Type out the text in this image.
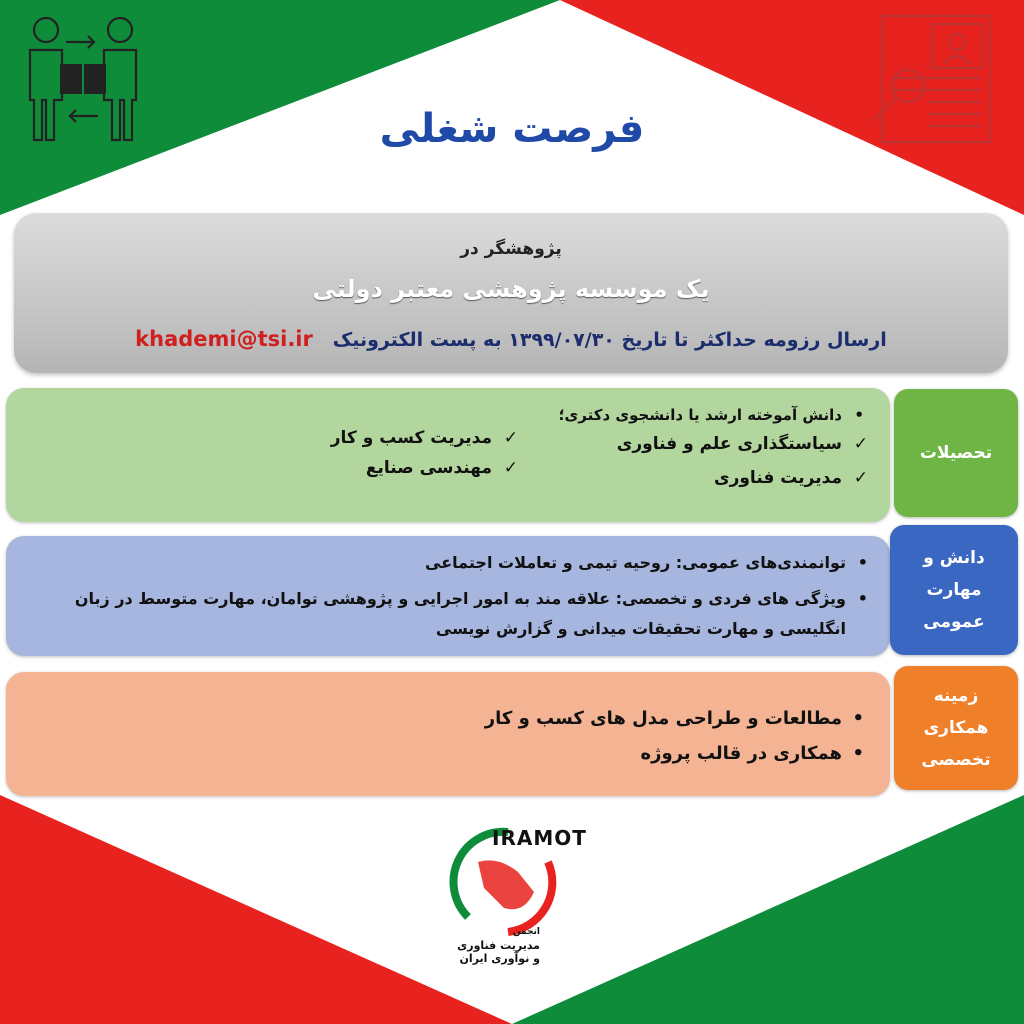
فرصت شغلی
پژوهشگر در
یک موسسه پژوهشی معتبر دولتی
ارسال رزومه حداکثر تا تاریخ ۱۳۹۹/۰۷/۳۰ به پست الکترونیک   khademi@tsi.ir
• دانش آموخته ارشد یا دانشجوی دکتری؛
✓ سیاستگذاری علم و فناوری
✓ مدیریت فناوری
✓ مدیریت کسب و کار
✓ مهندسی صنایع
تحصیلات
• توانمندی‌های عمومی: روحیه تیمی و تعاملات اجتماعی
• ویژگی های فردی و تخصصی: علاقه مند به امور اجرایی و پژوهشی توامان، مهارت متوسط در زبان انگلیسی و مهارت تحقیقات میدانی و گزارش نویسی
دانش و مهارت عمومی
• مطالعات و طراحی مدل های کسب و کار
• همکاری در قالب پروژه
زمینه همکاری تخصصی
IRAMOT
انجمن
مدیریت فناوری
و نوآوری ایران
